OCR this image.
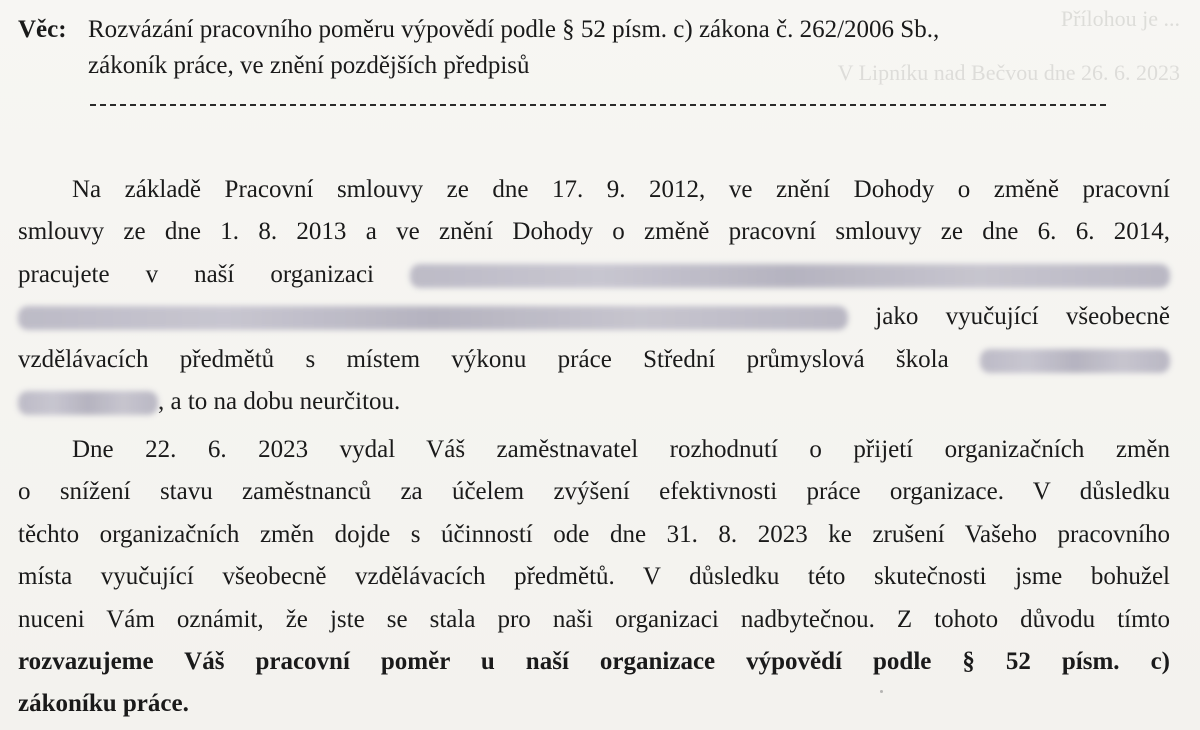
Přílohou je ...
V Lipníku nad Bečvou dne 26. 6. 2023
Věc: Rozvázání pracovního poměru výpovědí podle § 52 písm. c) zákona č. 262/2006 Sb.,
zákoník práce, ve znění pozdějších předpisů
Na základě Pracovní smlouvy ze dne 17. 9. 2012, ve znění Dohody o změně pracovní
smlouvy ze dne 1. 8. 2013 a ve znění Dohody o změně pracovní smlouvy ze dne 6. 6. 2014,
pracujete v naší organizaci
jako vyučující všeobecně
vzdělávacích předmětů s místem výkonu práce Střední průmyslová škola
, a to na dobu neurčitou.
Dne 22. 6. 2023 vydal Váš zaměstnavatel rozhodnutí o přijetí organizačních změn
o snížení stavu zaměstnanců za účelem zvýšení efektivnosti práce organizace. V důsledku
těchto organizačních změn dojde s účinností ode dne 31. 8. 2023 ke zrušení Vašeho pracovního
místa vyučující všeobecně vzdělávacích předmětů. V důsledku této skutečnosti jsme bohužel
nuceni Vám oznámit, že jste se stala pro naši organizaci nadbytečnou. Z tohoto důvodu tímto
rozvazujeme Váš pracovní poměr u naší organizace výpovědí podle § 52 písm. c)
zákoníku práce.
